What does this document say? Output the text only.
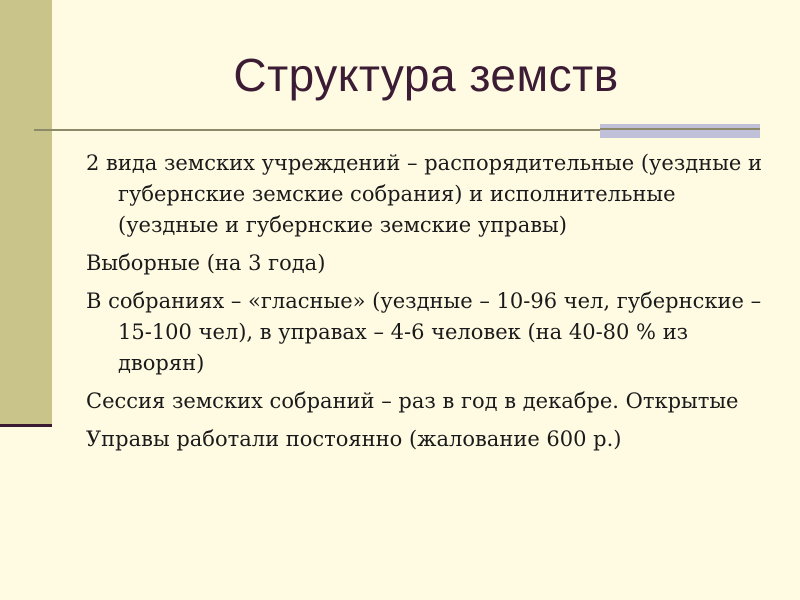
Структура земств

2 вида земских учреждений – распорядительные (уездные и губернские земские собрания) и исполнительные (уездные и губернские земские управы)

Выборные (на 3 года)

В собраниях – «гласные» (уездные – 10-96 чел, губернские – 15-100 чел), в управах – 4-6 человек (на 40-80 % из дворян)

Сессия земских собраний – раз в год в декабре. Открытые

Управы работали постоянно (жалование 600 р.)
